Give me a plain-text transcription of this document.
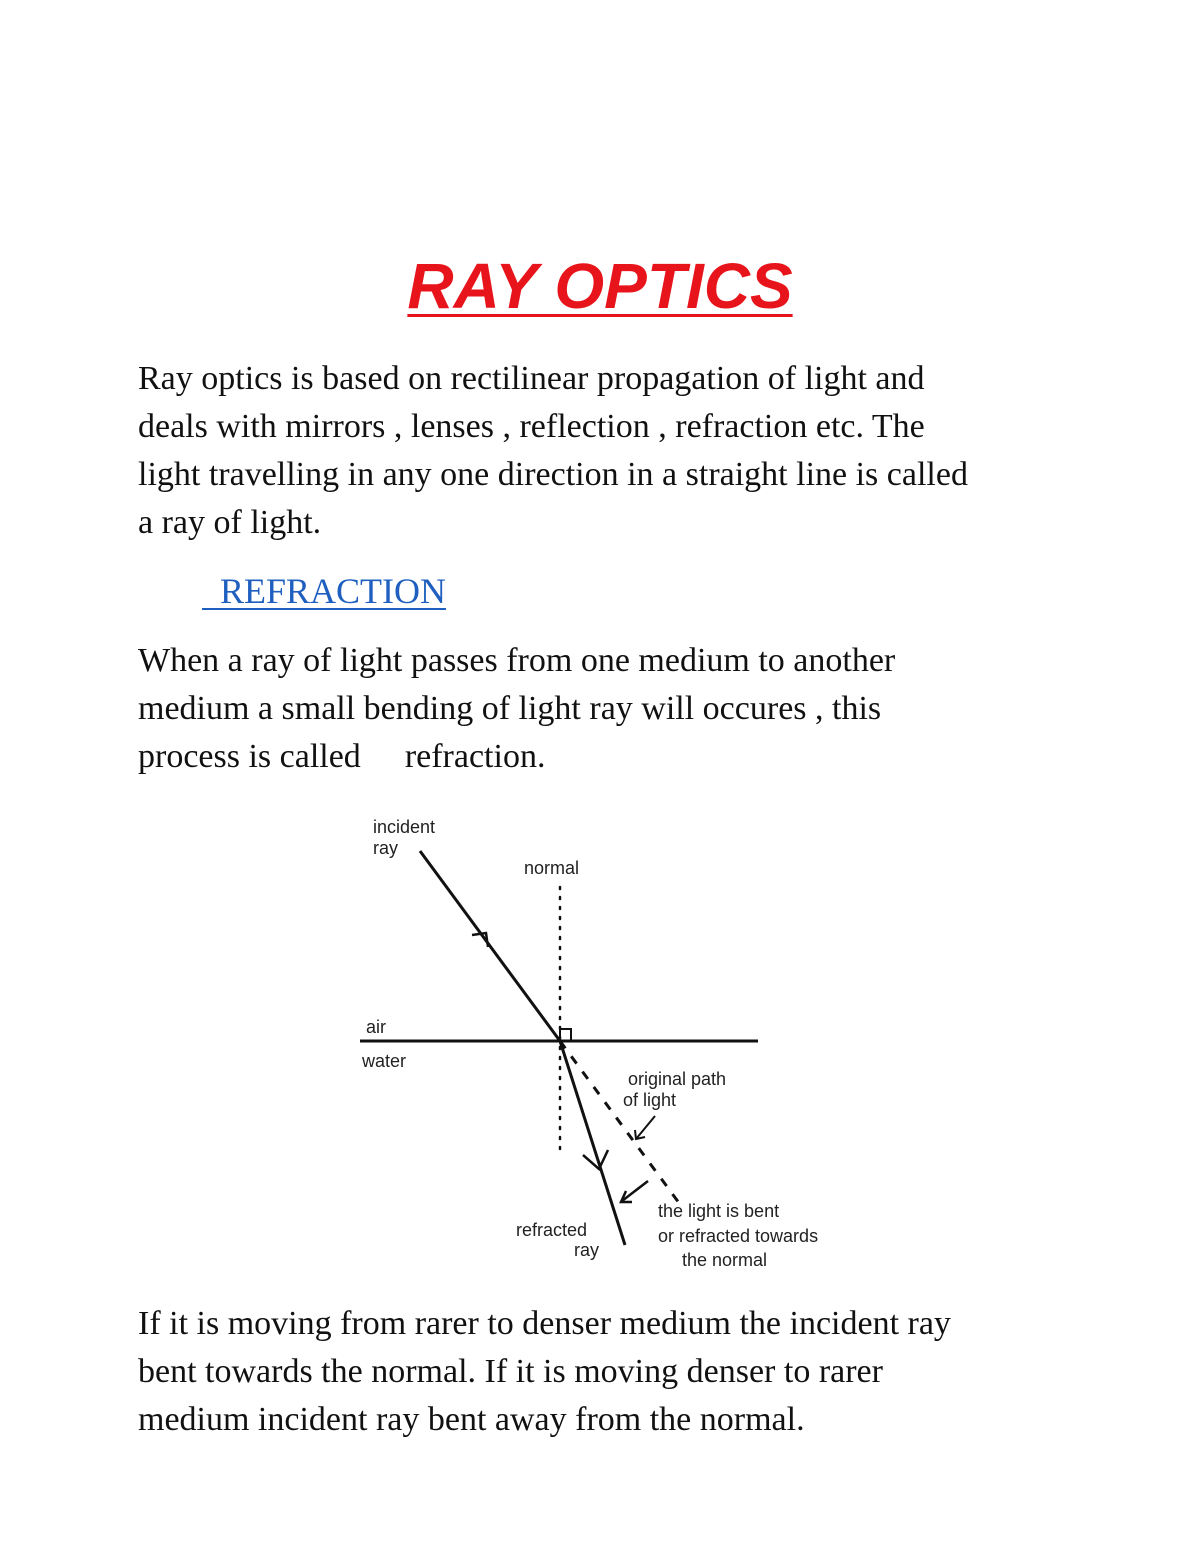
RAY OPTICS

Ray optics is based on rectilinear propagation of light and
deals with mirrors , lenses , reflection , refraction etc. The
light travelling in any one direction in a straight line is called
a ray of light.

REFRACTION

When a ray of light passes from one medium to another
medium a small bending of light ray will occures , this
process is called refraction.

incident
ray
normal
air
water
original path
of light
the light is bent
or refracted towards
the normal
refracted
ray

If it is moving from rarer to denser medium the incident ray
bent towards the normal. If it is moving denser to rarer
medium incident ray bent away from the normal.
